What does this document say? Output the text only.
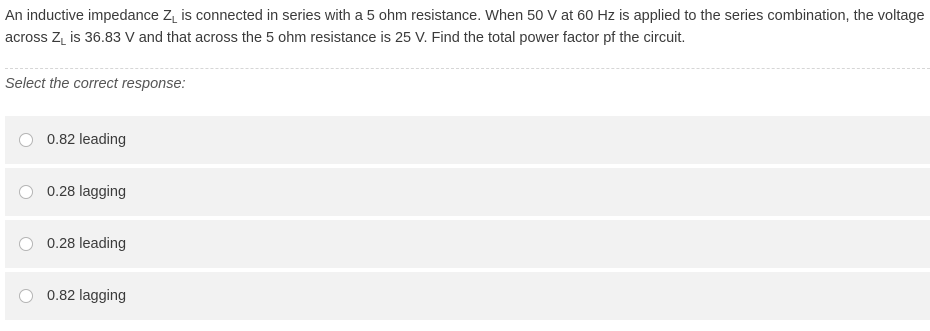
An inductive impedance $Z_L$ is connected in series with a 5 ohm resistance. When 50 V at 60 Hz is applied to the series combination, the voltage across $Z_L$ is 36.83 V and that across the 5 ohm resistance is 25 V. Find the total power factor pf the circuit.

Select the correct response:

0.82 leading
0.28 lagging
0.28 leading
0.82 lagging
